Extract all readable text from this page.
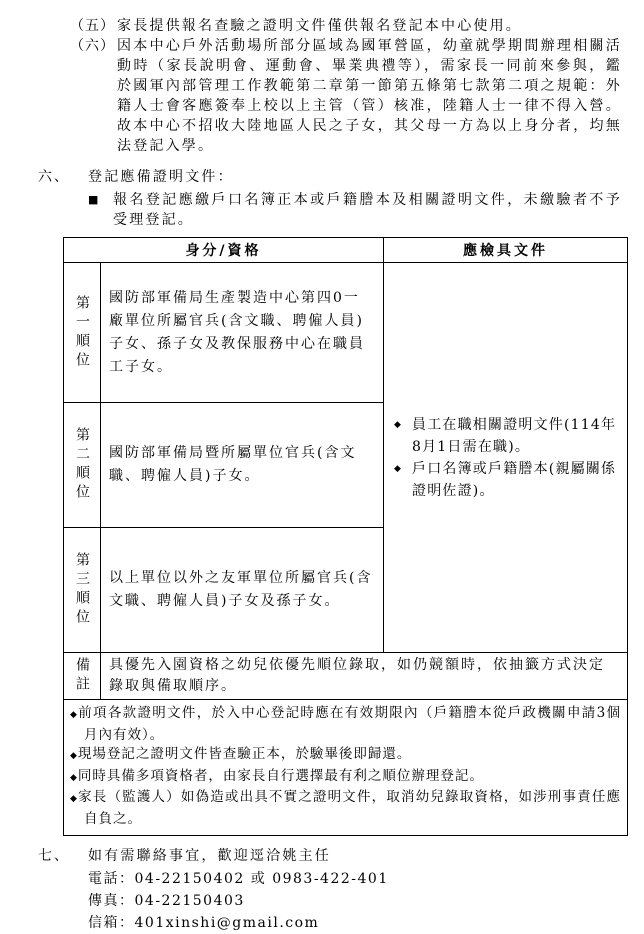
（五） 家長提供報名查驗之證明文件僅供報名登記本中心使用。
（六） 因本中心戶外活動場所部分區域為國軍營區，幼童就學期間辦理相關活動時（家長說明會、運動會、畢業典禮等），需家長一同前來參與，鑑於國軍內部管理工作教範第二章第一節第五條第七款第二項之規範：外籍人士會客應簽奉上校以上主管（管）核准，陸籍人士一律不得入營。故本中心不招收大陸地區人民之子女，其父母一方為以上身分者，均無法登記入學。
六、	登記應備證明文件：
■	報名登記應繳戶口名簿正本或戶籍謄本及相關證明文件，未繳驗者不予受理登記。
身分/資格		應檢具文件

第一順位	國防部軍備局生產製造中心第四0一廠單位所屬官兵(含文職、聘僱人員) 子女、孫子女及教保服務中心在職員工子女。	◆ 員工在職相關證明文件(114年8月1日需在職)。
◆ 戶口名簿或戶籍謄本(親屬關係證明佐證)。

第二順位	國防部軍備局暨所屬單位官兵(含文職、聘僱人員)子女。	

第三順位	以上單位以外之友軍單位所屬官兵(含文職、聘僱人員)子女及孫子女。	

備註	具優先入園資格之幼兒依優先順位錄取，如仍競額時，依抽籤方式決定錄取與備取順序。	

◆前項各款證明文件，於入中心登記時應在有效期限內（戶籍謄本從戶政機關申請3個月內有效）。
◆現場登記之證明文件皆查驗正本，於驗畢後即歸還。
◆同時具備多項資格者，由家長自行選擇最有利之順位辦理登記。
◆家長（監護人）如偽造或出具不實之證明文件，取消幼兒錄取資格，如涉刑事責任應自負之。		
七、	如有需聯絡事宜，歡迎逕洽姚主任
電話：04-22150402 或 0983-422-401
傳真：04-22150403
信箱：401xinshi@gmail.com
